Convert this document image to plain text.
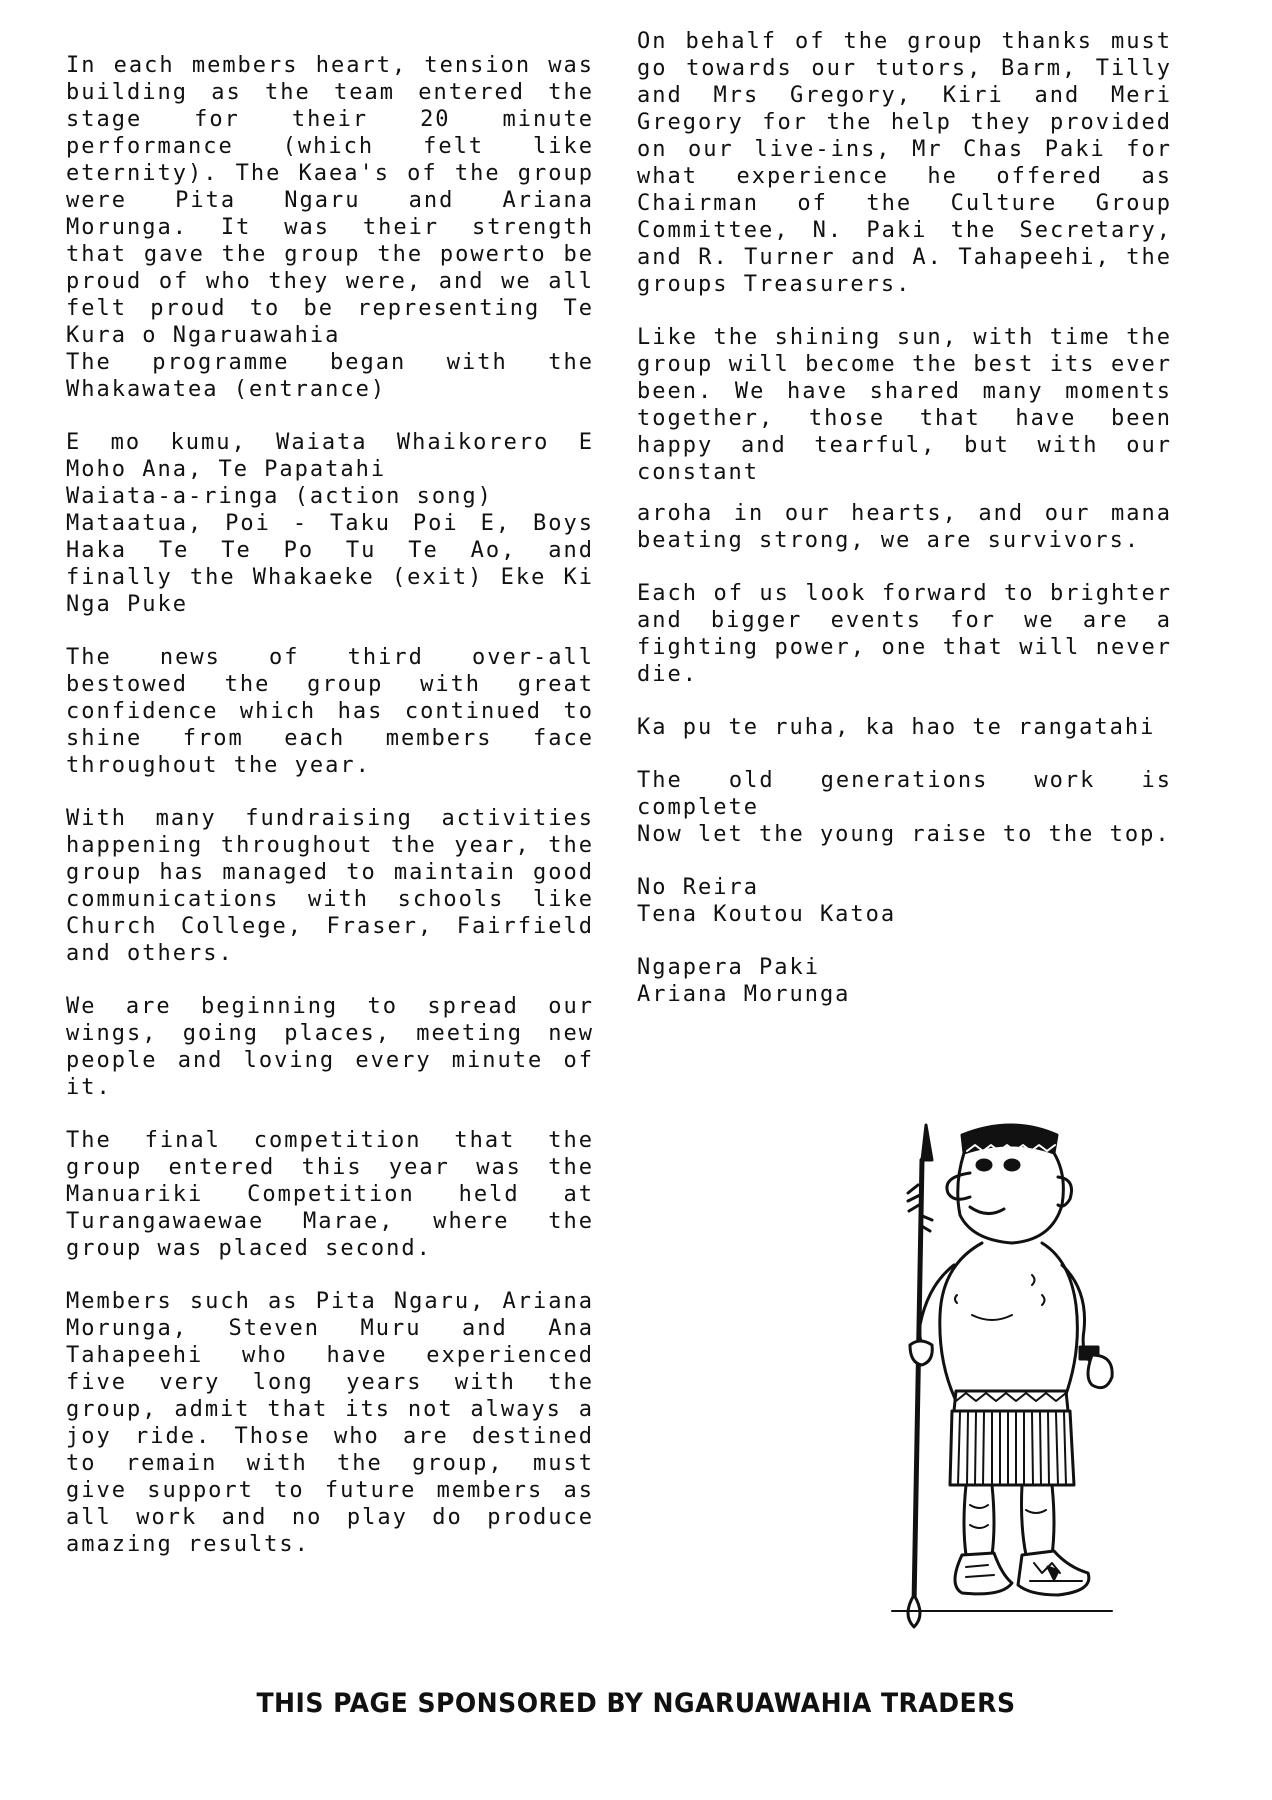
In each members heart, tension was building as the team entered the stage for their 20 minute performance (which felt like eternity). The Kaea's of the group were Pita Ngaru and Ariana Morunga. It was their strength that gave the group the powerto be proud of who they were, and we all felt proud to be representing Te Kura o Ngaruawahia
The programme began with the Whakawatea (entrance)

E mo kumu, Waiata Whaikorero E Moho Ana, Te Papatahi
Waiata-a-ringa (action song)
Mataatua, Poi - Taku Poi E, Boys Haka Te Te Po Tu Te Ao, and finally the Whakaeke (exit) Eke Ki Nga Puke

The news of third over-all bestowed the group with great confidence which has continued to shine from each members face throughout the year.

With many fundraising activities happening throughout the year, the group has managed to maintain good communications with schools like Church College, Fraser, Fairfield and others.

We are beginning to spread our wings, going places, meeting new people and loving every minute of it.

The final competition that the group entered this year was the Manuariki Competition held at Turangawaewae Marae, where the group was placed second.

Members such as Pita Ngaru, Ariana Morunga, Steven Muru and Ana Tahapeehi who have experienced five very long years with the group, admit that its not always a joy ride. Those who are destined to remain with the group, must give support to future members as all work and no play do produce amazing results.

On behalf of the group thanks must go towards our tutors, Barm, Tilly and Mrs Gregory, Kiri and Meri Gregory for the help they provided on our live-ins, Mr Chas Paki for what experience he offered as Chairman of the Culture Group Committee, N. Paki the Secretary, and R. Turner and A. Tahapeehi, the groups Treasurers.

Like the shining sun, with time the group will become the best its ever been. We have shared many moments together, those that have been happy and tearful, but with our constant

aroha in our hearts, and our mana beating strong, we are survivors.

Each of us look forward to brighter and bigger events for we are a fighting power, one that will never die.

Ka pu te ruha, ka hao te rangatahi

The old generations work is complete
Now let the young raise to the top.

No Reira
Tena Koutou Katoa

Ngapera Paki
Ariana Morunga

THIS PAGE SPONSORED BY NGARUAWAHIA TRADERS
